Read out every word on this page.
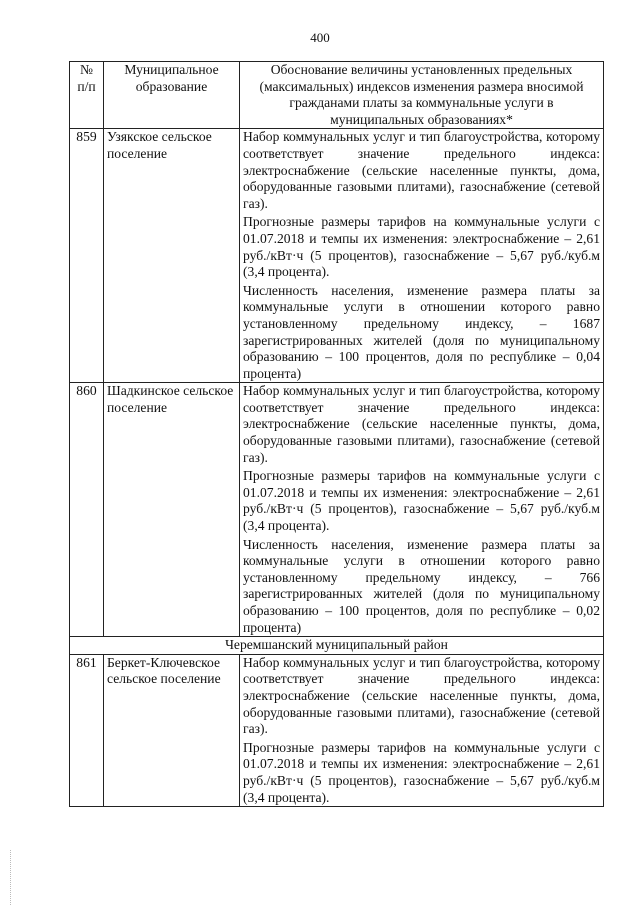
400
№ п/п	Муниципальное образование	Обоснование величины установленных предельных (максимальных) индексов изменения размера вносимой гражданами платы за коммунальные услуги в муниципальных образованиях*
859	Узякское сельское поселение	Набор коммунальных услуг и тип благоустройства, которому соответствует значение предельного индекса: электроснабжение (сельские населенные пункты, дома, оборудованные газовыми плитами), газоснабжение (сетевой газ).

Прогнозные размеры тарифов на коммунальные услуги с 01.07.2018 и темпы их изменения: электроснабжение – 2,61 руб./кВт·ч (5 процентов), газоснабжение – 5,67 руб./куб.м (3,4 процента).

Численность населения, изменение размера платы за коммунальные услуги в отношении которого равно установленному предельному индексу, – 1687 зарегистрированных жителей (доля по муниципальному образованию – 100 процентов, доля по республике – 0,04 процента)

860	Шадкинское сельское поселение	Набор коммунальных услуг и тип благоустройства, которому соответствует значение предельного индекса: электроснабжение (сельские населенные пункты, дома, оборудованные газовыми плитами), газоснабжение (сетевой газ).

Прогнозные размеры тарифов на коммунальные услуги с 01.07.2018 и темпы их изменения: электроснабжение – 2,61 руб./кВт·ч (5 процентов), газоснабжение – 5,67 руб./куб.м (3,4 процента).

Численность населения, изменение размера платы за коммунальные услуги в отношении которого равно установленному предельному индексу, – 766 зарегистрированных жителей (доля по муниципальному образованию – 100 процентов, доля по республике – 0,02 процента)

Черемшанский муниципальный район		
861	Беркет-Ключевское сельское поселение	Набор коммунальных услуг и тип благоустройства, которому соответствует значение предельного индекса: электроснабжение (сельские населенные пункты, дома, оборудованные газовыми плитами), газоснабжение (сетевой газ).

Прогнозные размеры тарифов на коммунальные услуги с 01.07.2018 и темпы их изменения: электроснабжение – 2,61 руб./кВт·ч (5 процентов), газоснабжение – 5,67 руб./куб.м (3,4 процента).
